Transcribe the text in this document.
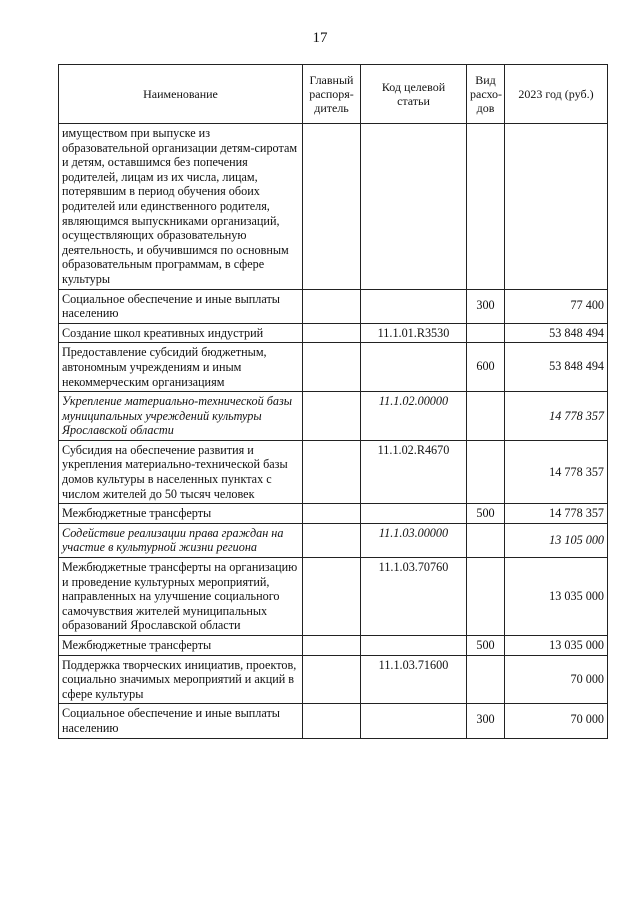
17
Наименование	Главный распоря-дитель	Код целевой статьи	Вид расхо-дов	2023 год (руб.)
имуществом при выпуске из образовательной организации детям-сиротам и детям, оставшимся без попечения родителей, лицам из их числа, лицам, потерявшим в период обучения обоих родителей или единственного родителя, являющимся выпускниками организаций, осуществляющих образовательную деятельность, и обучившимся по основным образовательным программам, в сфере культуры				
Социальное обеспечение и иные выплаты населению			300	77 400
Создание школ креативных индустрий		11.1.01.R3530		53 848 494
Предоставление субсидий бюджетным, автономным учреждениям и иным некоммерческим организациям			600	53 848 494
Укрепление материально-технической базы муниципальных учреждений культуры Ярославской области		11.1.02.00000		14 778 357
Субсидия на обеспечение развития и укрепления материально-технической базы домов культуры в населенных пунктах с числом жителей до 50 тысяч человек		11.1.02.R4670		14 778 357
Межбюджетные трансферты			500	14 778 357
Содействие реализации права граждан на участие в культурной жизни региона		11.1.03.00000		13 105 000
Межбюджетные трансферты на организацию и проведение культурных мероприятий, направленных на улучшение социального самочувствия жителей муниципальных образований Ярославской области		11.1.03.70760		13 035 000
Межбюджетные трансферты			500	13 035 000
Поддержка творческих инициатив, проектов, социально значимых мероприятий и акций в сфере культуры		11.1.03.71600		70 000
Социальное обеспечение и иные выплаты населению			300	70 000
